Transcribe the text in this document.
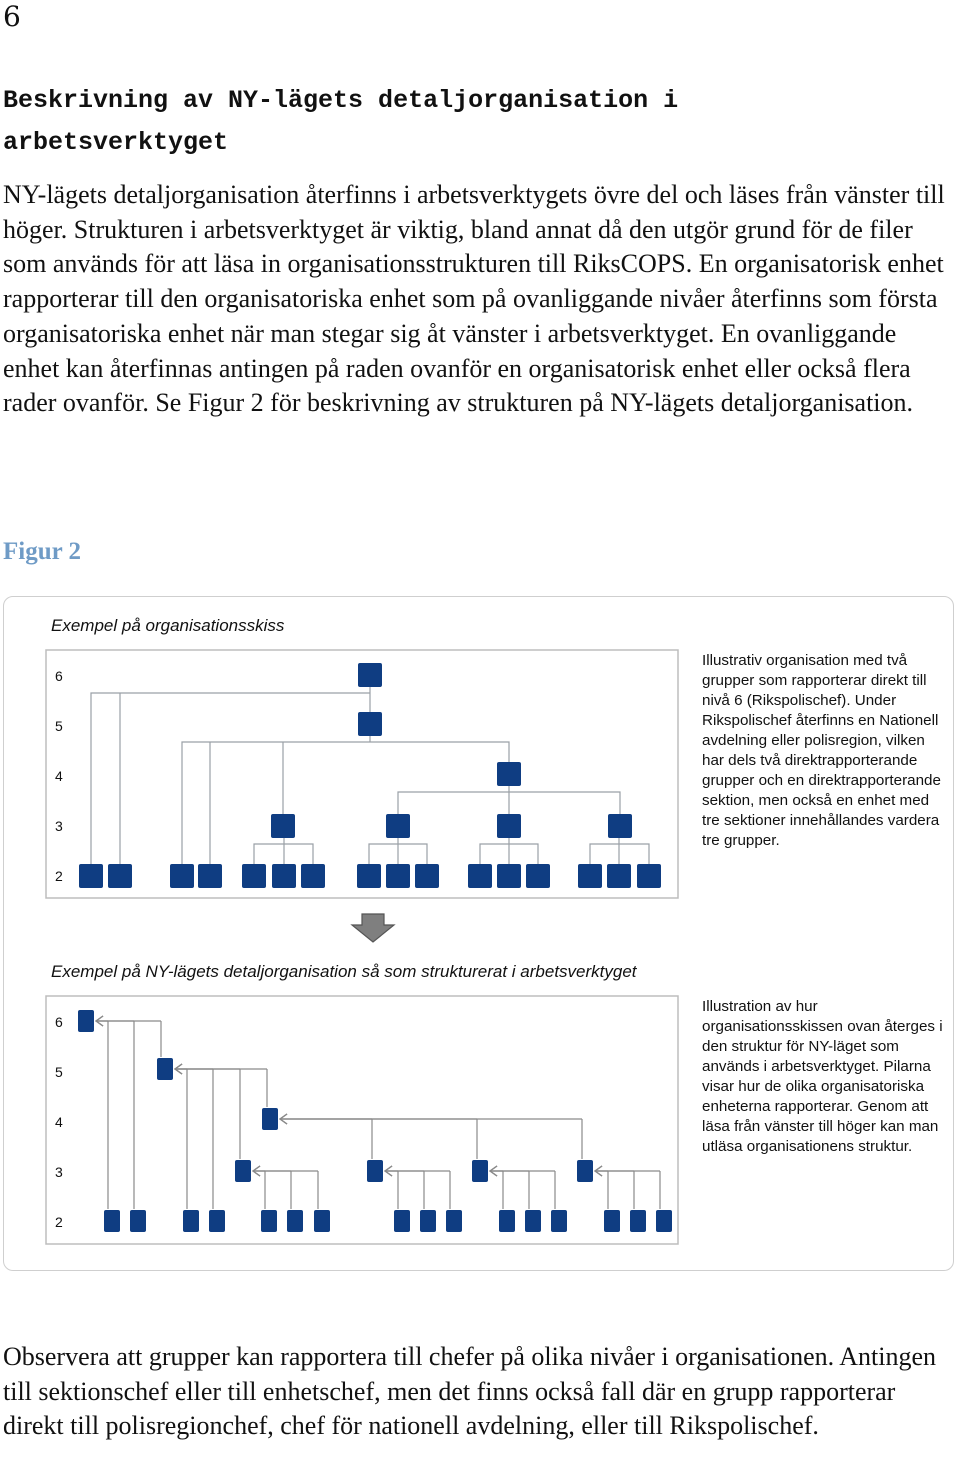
6
Beskrivning av NY-lägets detaljorganisation i arbetsverktyget
NY-lägets detaljorganisation återfinns i arbetsverktygets övre del och läses från vänster till höger. Strukturen i arbetsverktyget är viktig, bland annat då den utgör grund för de filer som används för att läsa in organisationsstrukturen till RiksCOPS. En organisatorisk enhet rapporterar till den organisatoriska enhet som på ovanliggande nivåer återfinns som första organisatoriska enhet när man stegar sig åt vänster i arbetsverktyget. En ovanliggande enhet kan återfinnas antingen på raden ovanför en organisatorisk enhet eller också flera rader ovanför. Se Figur 2 för beskrivning av strukturen på NY-lägets detaljorganisation.
Figur 2
Exempel på organisationsskiss
Illustrativ organisation med två grupper som rapporterar direkt till nivå 6 (Rikspolischef). Under Rikspolischef återfinns en Nationell avdelning eller polisregion, vilken har dels två direktrapporterande grupper och en direktrapporterande sektion, men också en enhet med tre sektioner innehållandes vardera tre grupper.
Exempel på NY-lägets detaljorganisation så som strukturerat i arbetsverktyget
Illustration av hur organisationsskissen ovan återges i den struktur för NY-läget som används i arbetsverktyget. Pilarna visar hur de olika organisatoriska enheterna rapporterar. Genom att läsa från vänster till höger kan man utläsa organisationens struktur.
6
5
4
3
2
6
5
4
3
2
Observera att grupper kan rapportera till chefer på olika nivåer i organisationen. Antingen till sektionschef eller till enhetschef, men det finns också fall där en grupp rapporterar direkt till polisregionchef, chef för nationell avdelning, eller till Rikspolischef.
